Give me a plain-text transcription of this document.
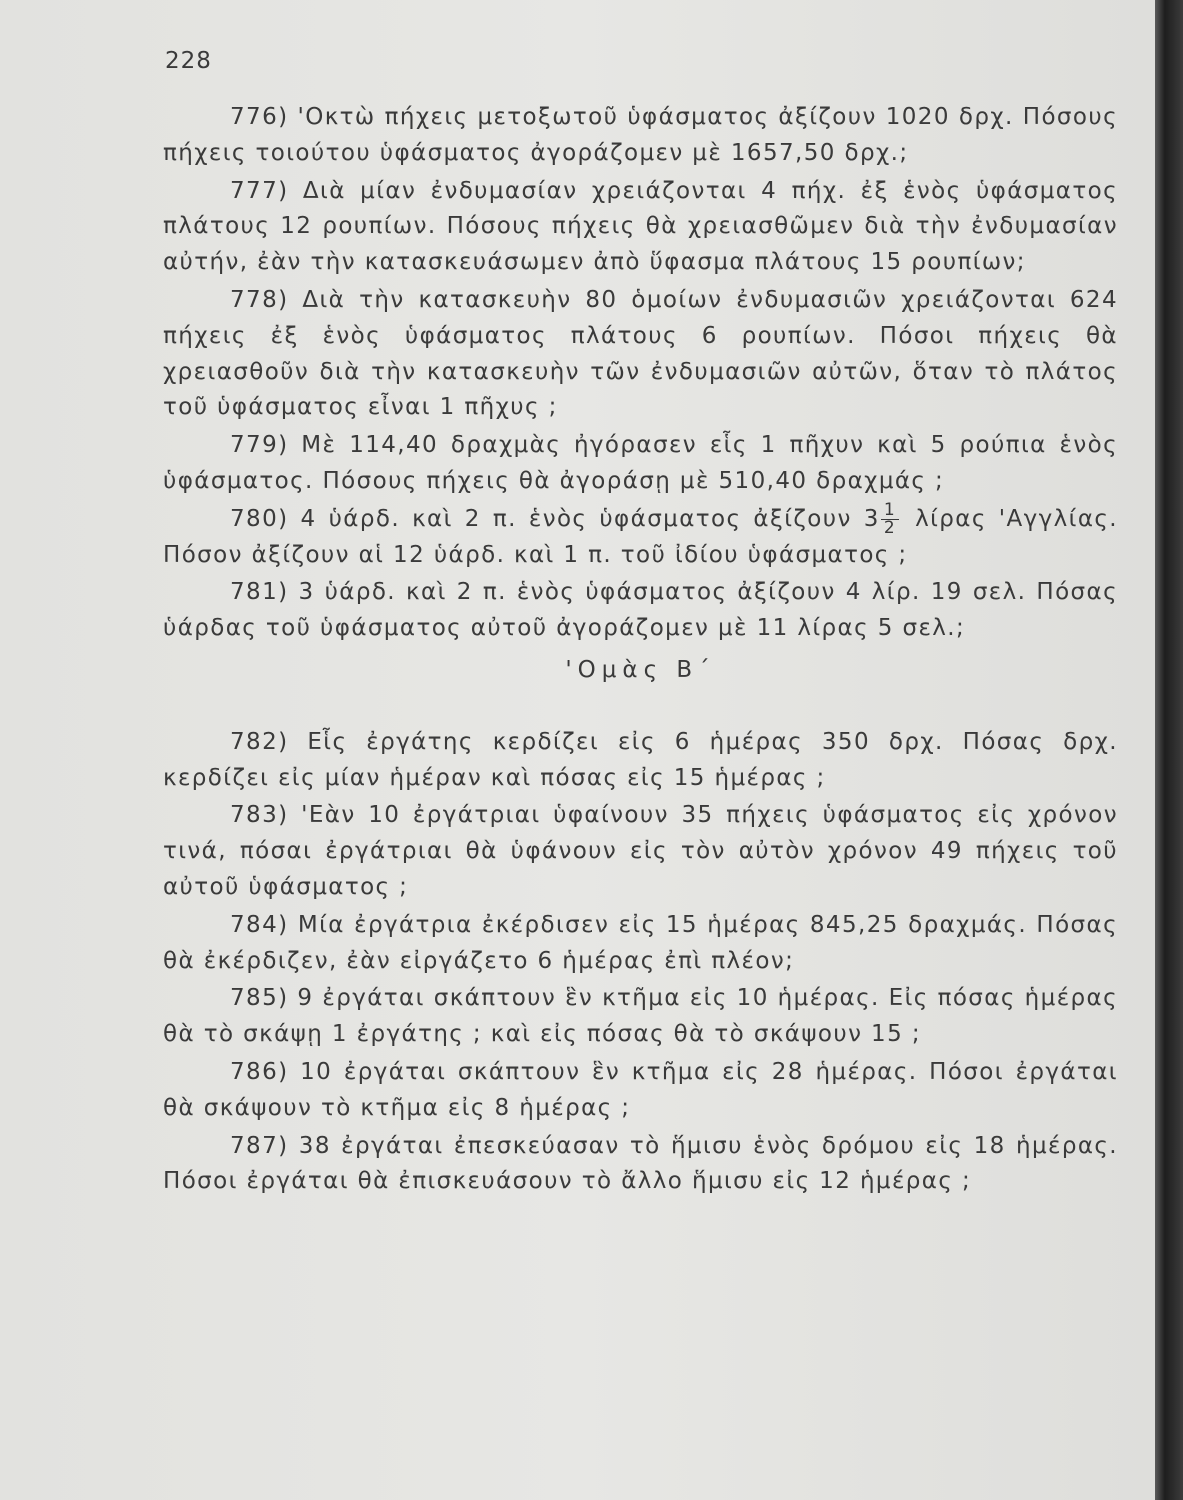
228

776) 'Οκτὼ πήχεις μετοξωτοῦ ὑφάσματος ἀξίζουν 1020 δρχ. Πόσους πήχεις τοιούτου ὑφάσματος ἀγοράζομεν μὲ 1657,50 δρχ.;

777) Διὰ μίαν ἐνδυμασίαν χρειάζονται 4 πήχ. ἐξ ἑνὸς ὑφάσματος πλάτους 12 ρουπίων. Πόσους πήχεις θὰ χρειασθῶμεν διὰ τὴν ἐνδυμασίαν αὐτήν, ἐὰν τὴν κατασκευάσωμεν ἀπὸ ὕφασμα πλάτους 15 ρουπίων;

778) Διὰ τὴν κατασκευὴν 80 ὁμοίων ἐνδυμασιῶν χρειάζονται 624 πήχεις ἐξ ἑνὸς ὑφάσματος πλάτους 6 ρουπίων. Πόσοι πήχεις θὰ χρειασθοῦν διὰ τὴν κατασκευὴν τῶν ἐνδυμασιῶν αὐτῶν, ὅταν τὸ πλάτος τοῦ ὑφάσματος εἶναι 1 πῆχυς ;

779) Μὲ 114,40 δραχμὰς ἠγόρασεν εἷς 1 πῆχυν καὶ 5 ρούπια ἑνὸς ὑφάσματος. Πόσους πήχεις θὰ ἀγοράσῃ μὲ 510,40 δραχμάς ;

780) 4 ὑάρδ. καὶ 2 π. ἑνὸς ὑφάσματος ἀξίζουν $3 \frac{1}{2}$ λίρας 'Αγγλίας. Πόσον ἀξίζουν αἱ 12 ὑάρδ. καὶ 1 π. τοῦ ἰδίου ὑφάσματος ;

781) 3 ὑάρδ. καὶ 2 π. ἑνὸς ὑφάσματος ἀξίζουν 4 λίρ. 19 σελ. Πόσας ὑάρδας τοῦ ὑφάσματος αὐτοῦ ἀγοράζομεν μὲ 11 λίρας 5 σελ.;

'Ομὰς Β΄

782) Εἷς ἐργάτης κερδίζει εἰς 6 ἡμέρας 350 δρχ. Πόσας δρχ. κερδίζει εἰς μίαν ἡμέραν καὶ πόσας εἰς 15 ἡμέρας ;

783) 'Εὰν 10 ἐργάτριαι ὑφαίνουν 35 πήχεις ὑφάσματος εἰς χρόνον τινά, πόσαι ἐργάτριαι θὰ ὑφάνουν εἰς τὸν αὐτὸν χρόνον 49 πήχεις τοῦ αὐτοῦ ὑφάσματος ;

784) Μία ἐργάτρια ἐκέρδισεν εἰς 15 ἡμέρας 845,25 δραχμάς. Πόσας θὰ ἐκέρδιζεν, ἐὰν εἰργάζετο 6 ἡμέρας ἐπὶ πλέον;

785) 9 ἐργάται σκάπτουν ἓν κτῆμα εἰς 10 ἡμέρας. Εἰς πόσας ἡμέρας θὰ τὸ σκάψῃ 1 ἐργάτης ; καὶ εἰς πόσας θὰ τὸ σκάψουν 15 ;

786) 10 ἐργάται σκάπτουν ἓν κτῆμα εἰς 28 ἡμέρας. Πόσοι ἐργάται θὰ σκάψουν τὸ κτῆμα εἰς 8 ἡμέρας ;

787) 38 ἐργάται ἐπεσκεύασαν τὸ ἥμισυ ἑνὸς δρόμου εἰς 18 ἡμέρας. Πόσοι ἐργάται θὰ ἐπισκευάσουν τὸ ἄλλο ἥμισυ εἰς 12 ἡμέρας ;
